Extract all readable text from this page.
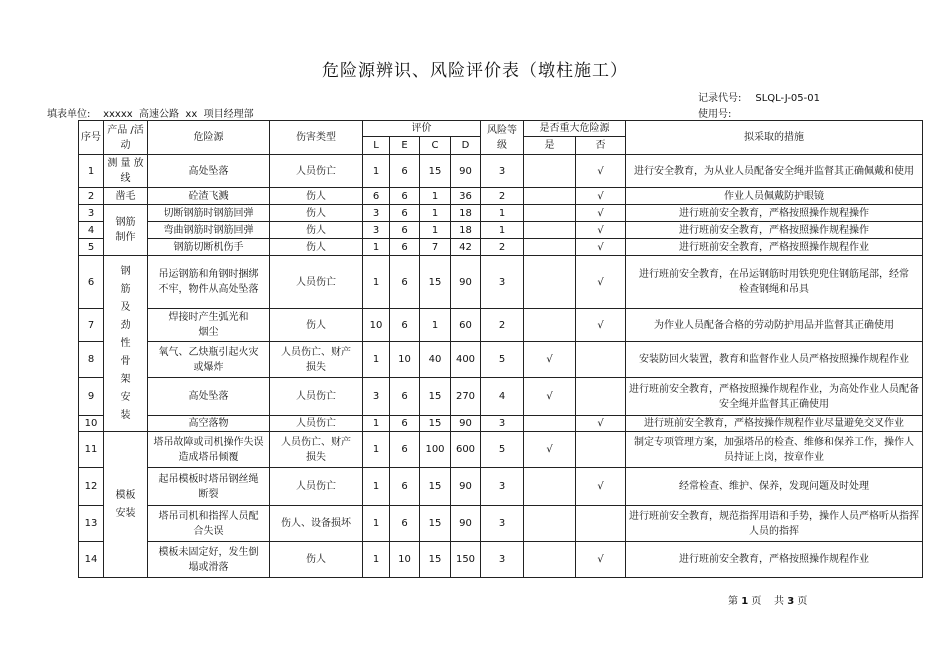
危险源辨识、风险评价表（墩柱施工）
记录代号: SLQL-J-05-01
填表单位: xxxxx  高速公路  xx  项目经理部	使用号:
序号	产品 /活动	危险源	伤害类型	评价				风险等级	是否重大危险源		拟采取的措施
				L	E	C	D		是	否	
1	测 量 放线	高处坠落	人员伤亡	1	6	15	90	3		√	进行安全教育，为从业人员配备安全绳并监督其正确佩戴和使用
2	凿毛	砼渣飞溅	伤人	6	6	1	36	2		√	作业人员佩戴防护眼镜
3	钢筋制作	切断钢筋时钢筋回弹	伤人	3	6	1	18	1		√	进行班前安全教育，严格按照操作规程操作
4		弯曲钢筋时钢筋回弹	伤人	3	6	1	18	1		√	进行班前安全教育，严格按照操作规程操作
5		钢筋切断机伤手	伤人	1	6	7	42	2		√	进行班前安全教育，严格按照操作规程作业
6	钢筋及劲性骨架安装	吊运钢筋和角钢时捆绑不牢，物件从高处坠落	人员伤亡	1	6	15	90	3		√	进行班前安全教育，在吊运钢筋时用铁兜兜住钢筋尾部，经常检查钢绳和吊具
7		焊接时产生弧光和烟尘	伤人	10	6	1	60	2		√	为作业人员配备合格的劳动防护用品并监督其正确使用
8		氧气、乙炔瓶引起火灾或爆炸	人员伤亡、财产损失	1	10	40	400	5	√		安装防回火装置，教育和监督作业人员严格按照操作规程作业
9		高处坠落	人员伤亡	3	6	15	270	4	√		进行班前安全教育，严格按照操作规程作业，为高处作业人员配备安全绳并监督其正确使用
10		高空落物	人员伤亡	1	6	15	90	3		√	进行班前安全教育，严格按操作规程作业尽量避免交叉作业
11	模板安装	塔吊故障或司机操作失误造成塔吊倾覆	人员伤亡、财产损失	1	6	100	600	5	√		制定专项管理方案，加强塔吊的检查、维修和保养工作，操作人员持证上岗，按章作业
12		起吊模板时塔吊钢丝绳断裂	人员伤亡	1	6	15	90	3		√	经常检查、维护、保养，发现问题及时处理
13		塔吊司机和指挥人员配合失误	伤人、设备损坏	1	6	15	90	3			进行班前安全教育，规范指挥用语和手势，操作人员严格听从指挥人员的指挥
14		模板未固定好，发生倒塌或滑落	伤人	1	10	15	150	3		√	进行班前安全教育，严格按照操作规程作业
第 1 页    共 3 页
